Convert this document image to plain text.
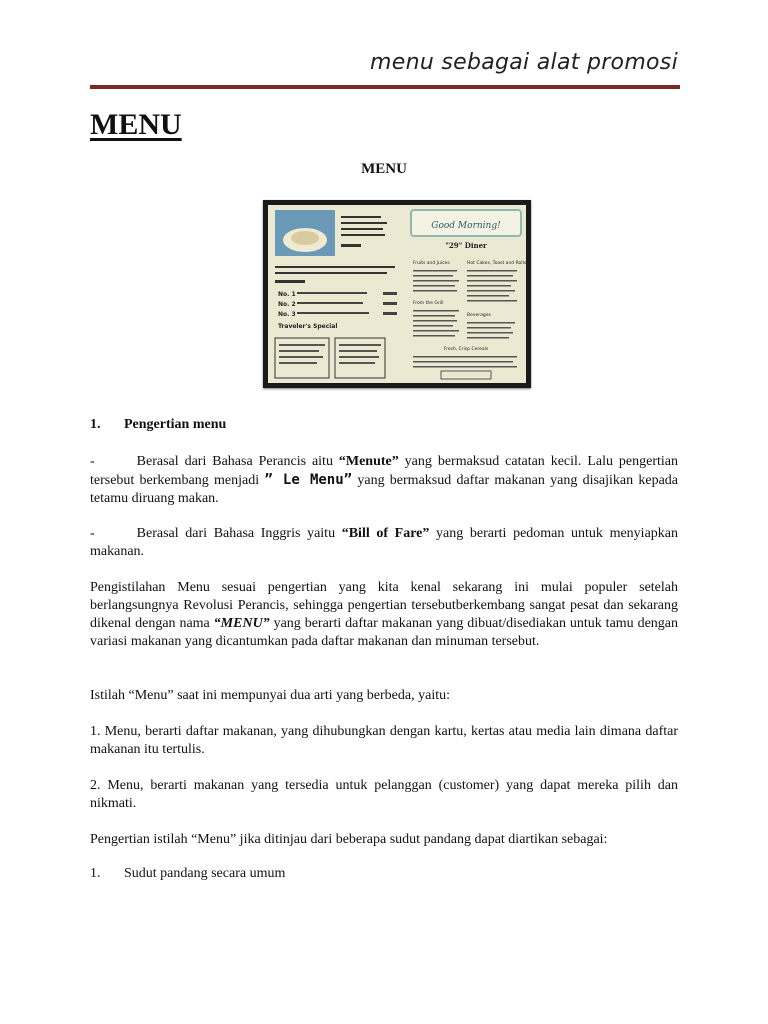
menu sebagai alat promosi
MENU
MENU
No. 1
No. 2
No. 3
Traveler's Special
Good Morning!
"29" Diner
Fruits and Juices	Hot Cakes, Toast and Rolls
From the Grill
Beverages
Fresh, Crisp Cereals
1. Pengertian menu

-	Berasal dari Bahasa Perancis aitu “Menute” yang bermaksud catatan kecil. Lalu pengertian tersebut berkembang menjadi ” Le Menu” yang bermaksud daftar makanan yang disajikan kepada tetamu diruang makan.

-	Berasal dari Bahasa Inggris yaitu “Bill of Fare” yang berarti pedoman untuk menyiapkan makanan.

Pengistilahan Menu sesuai pengertian yang kita kenal sekarang ini mulai populer setelah berlangsungnya Revolusi Perancis, sehingga pengertian tersebutberkembang sangat pesat dan sekarang dikenal dengan nama “MENU” yang berarti daftar makanan yang dibuat/disediakan untuk tamu dengan variasi makanan yang dicantumkan pada daftar makanan dan minuman tersebut.

Istilah “Menu” saat ini mempunyai dua arti yang berbeda, yaitu:

1. Menu, berarti daftar makanan, yang dihubungkan dengan kartu, kertas atau media lain dimana daftar makanan itu tertulis.

2. Menu, berarti makanan yang tersedia untuk pelanggan (customer) yang dapat mereka pilih dan nikmati.

Pengertian istilah “Menu” jika ditinjau dari beberapa sudut pandang dapat diartikan sebagai:

1. Sudut pandang secara umum
